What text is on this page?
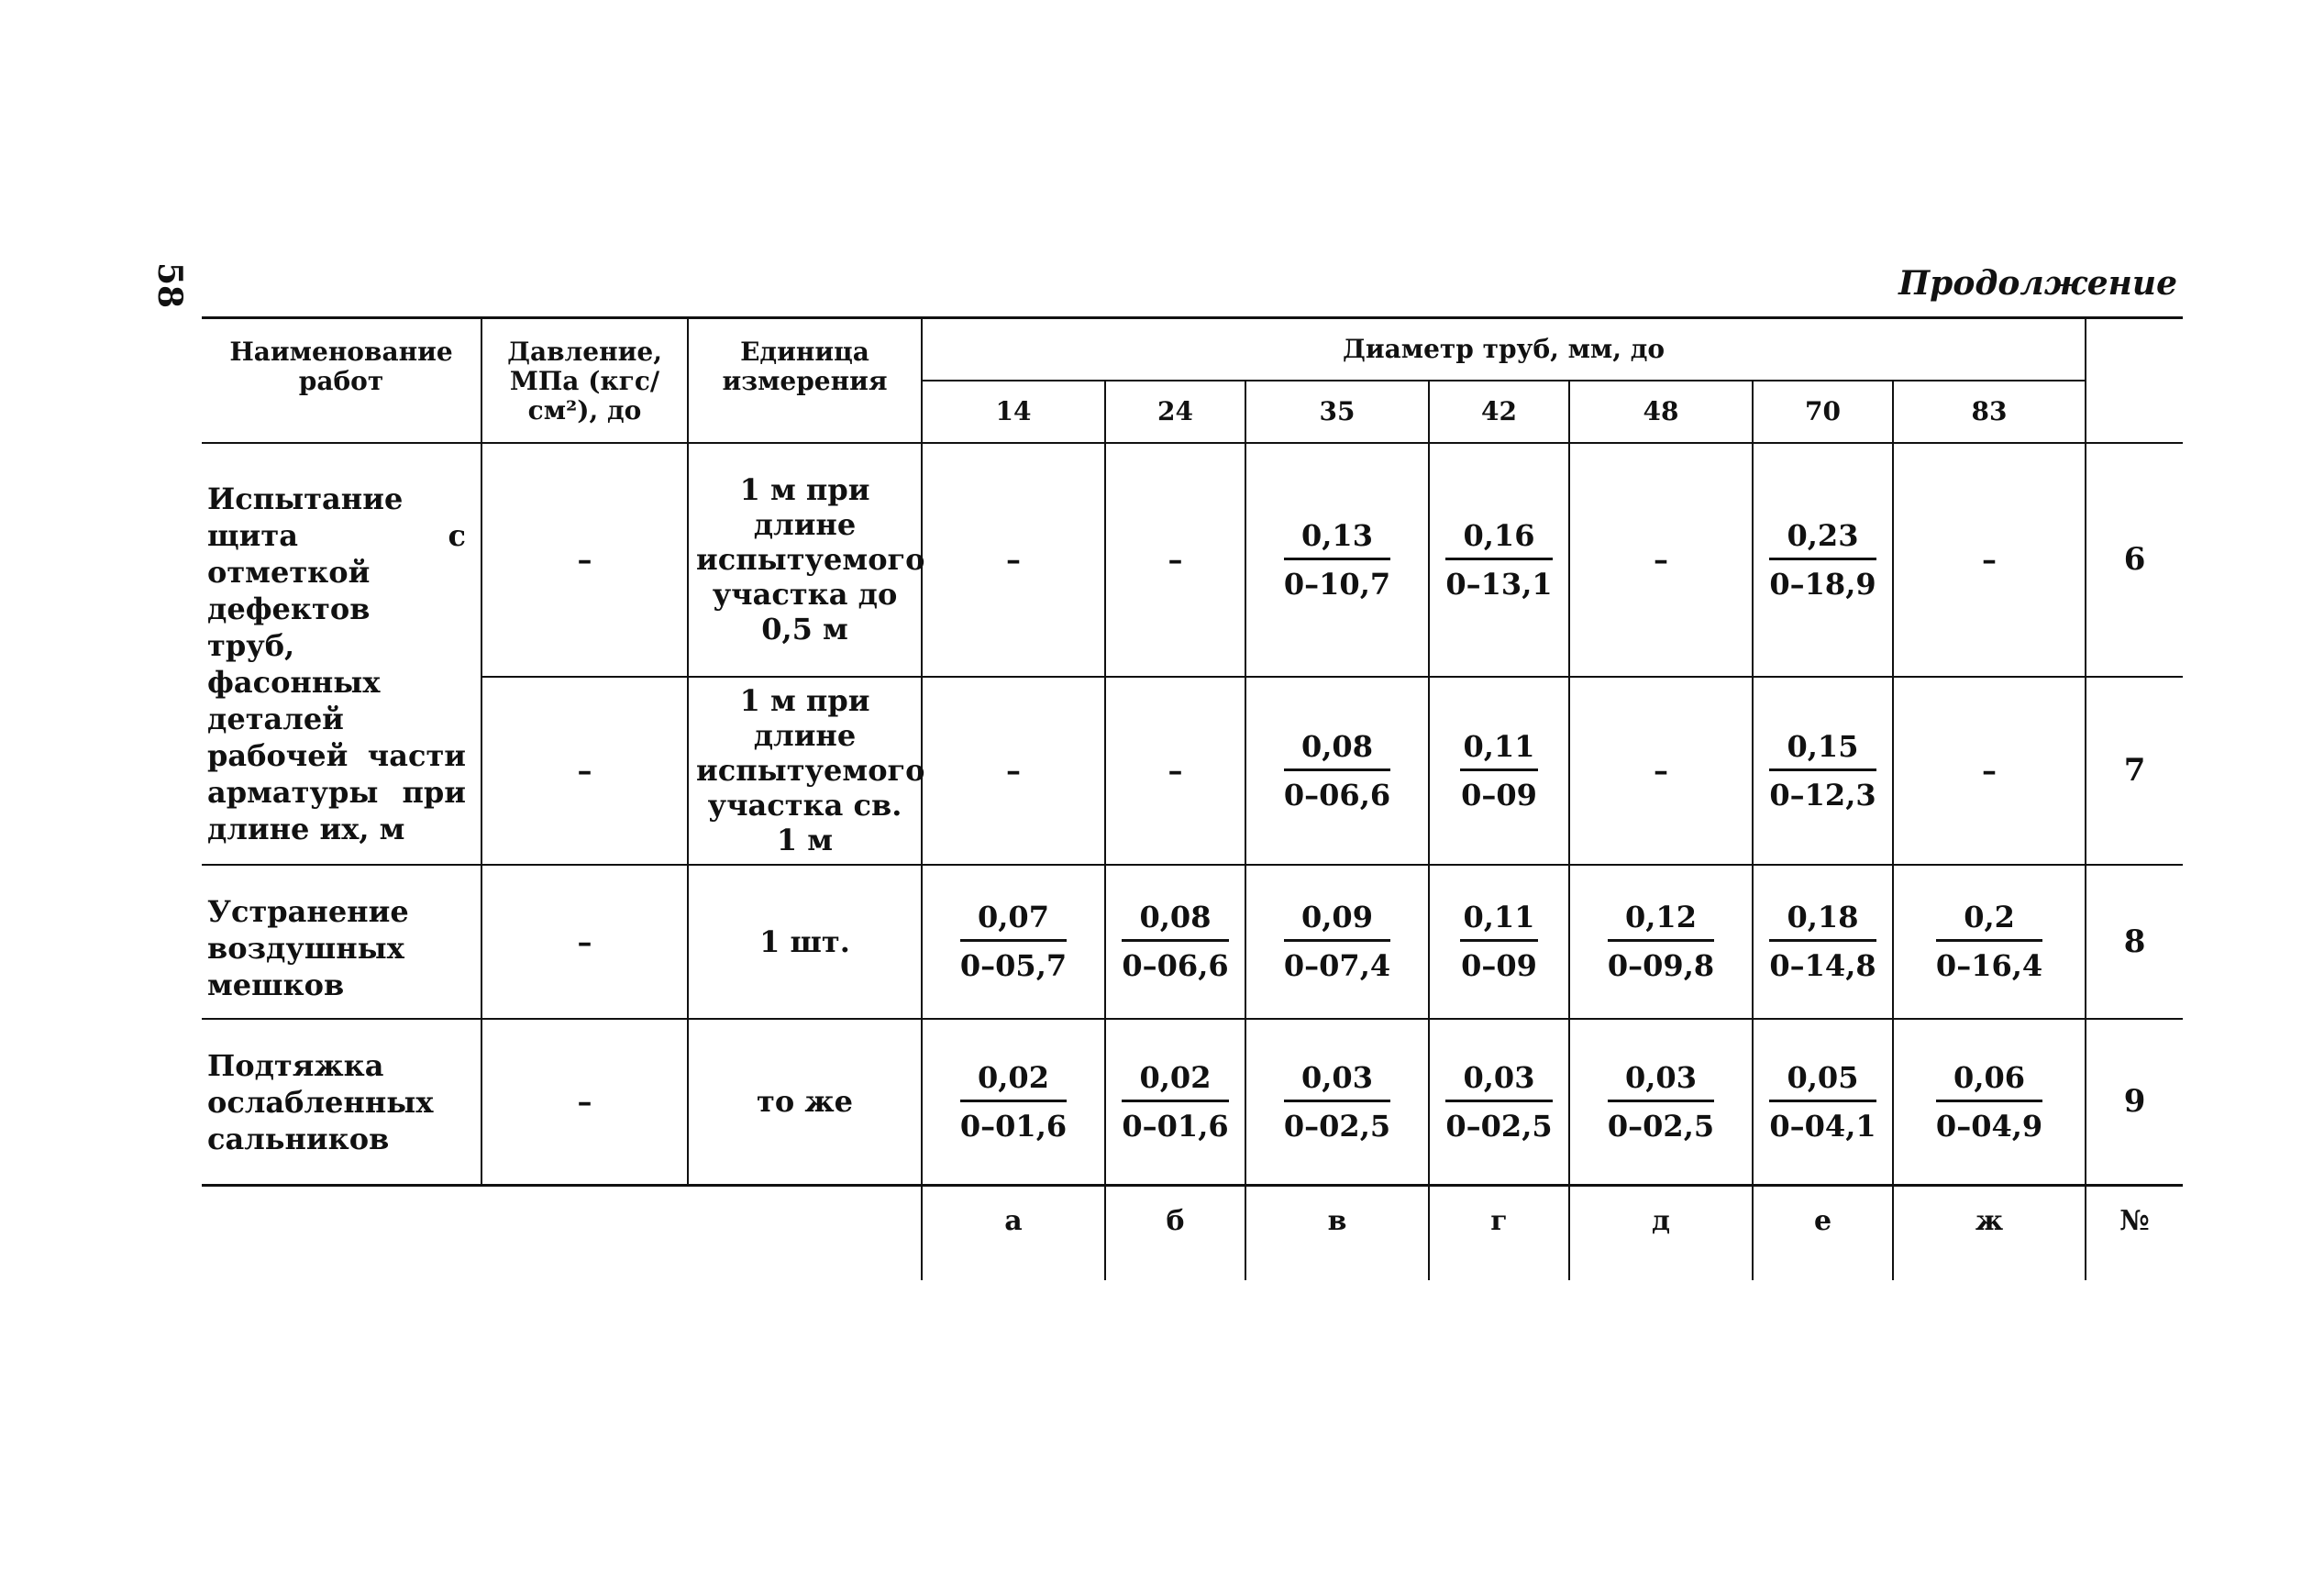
58	Продолжение
Наименование работ	Давление, МПа (кгс/см²), до	Единица измерения	Диаметр труб, мм, до							
			14	24	35	42	48	70	83	
Испытание щита с отметкой дефектов труб, фасонных деталей рабочей части арматуры при длине их, м	–	1 м при длине испытуемого участка до 0,5 м	–	–	$\frac{0,13}{0-10,7}$	$\frac{0,16}{0-13,1}$	–	$\frac{0,23}{0-18,9}$	–	6
	–	1 м при длине испытуемого участка св. 1 м	–	–	$\frac{0,08}{0-06,6}$	$\frac{0,11}{0-09}$	–	$\frac{0,15}{0-12,3}$	–	7
Устранение воздушных мешков	–	1 шт.	$\frac{0,07}{0-05,7}$	$\frac{0,08}{0-06,6}$	$\frac{0,09}{0-07,4}$	$\frac{0,11}{0-09}$	$\frac{0,12}{0-09,8}$	$\frac{0,18}{0-14,8}$	$\frac{0,2}{0-16,4}$	8
Подтяжка ослабленных сальников	–	то же	$\frac{0,02}{0-01,6}$	$\frac{0,02}{0-01,6}$	$\frac{0,03}{0-02,5}$	$\frac{0,03}{0-02,5}$	$\frac{0,03}{0-02,5}$	$\frac{0,05}{0-04,1}$	$\frac{0,06}{0-04,9}$	9
			а	б	в	г	д	е	ж	№
